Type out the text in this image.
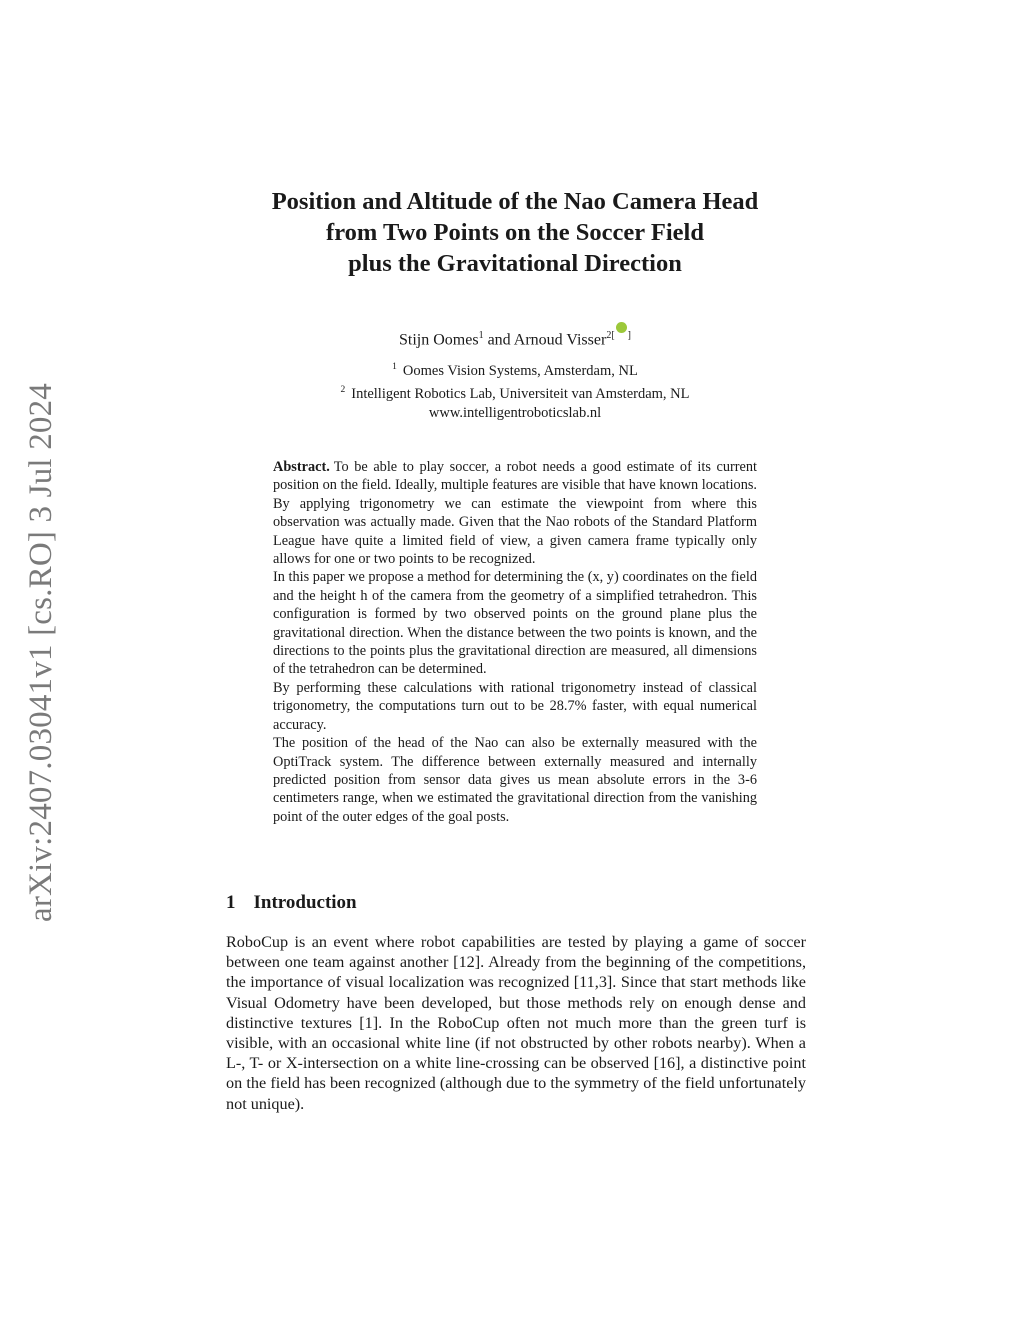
arXiv:2407.03041v1 [cs.RO] 3 Jul 2024
Position and Altitude of the Nao Camera Head
from Two Points on the Soccer Field
plus the Gravitational Direction
Stijn Oomes$^1$ and Arnoud Visser$^{2[ ]}$
$^1$ Oomes Vision Systems, Amsterdam, NL
$^2$ Intelligent Robotics Lab, Universiteit van Amsterdam, NL
www.intelligentroboticslab.nl

Abstract. To be able to play soccer, a robot needs a good estimate of its current position on the field. Ideally, multiple features are visible that have known locations. By applying trigonometry we can estimate the viewpoint from where this observation was actually made. Given that the Nao robots of the Standard Platform League have quite a limited field of view, a given camera frame typically only allows for one or two points to be recognized.

In this paper we propose a method for determining the (x, y) coordinates on the field and the height h of the camera from the geometry of a simplified tetrahedron. This configuration is formed by two observed points on the ground plane plus the gravitational direction. When the distance between the two points is known, and the directions to the points plus the gravitational direction are measured, all dimensions of the tetrahedron can be determined.

By performing these calculations with rational trigonometry instead of classical trigonometry, the computations turn out to be 28.7% faster, with equal numerical accuracy.

The position of the head of the Nao can also be externally measured with the OptiTrack system. The difference between externally measured and internally predicted position from sensor data gives us mean absolute errors in the 3-6 centimeters range, when we estimated the gravitational direction from the vanishing point of the outer edges of the goal posts.

1 Introduction

RoboCup is an event where robot capabilities are tested by playing a game of soccer between one team against another [12]. Already from the beginning of the competitions, the importance of visual localization was recognized [11,3]. Since that start methods like Visual Odometry have been developed, but those methods rely on enough dense and distinctive textures [1]. In the RoboCup often not much more than the green turf is visible, with an occasional white line (if not obstructed by other robots nearby). When a L-, T- or X-intersection on a white line-crossing can be observed [16], a distinctive point on the field has been recognized (although due to the symmetry of the field unfortunately not unique).
